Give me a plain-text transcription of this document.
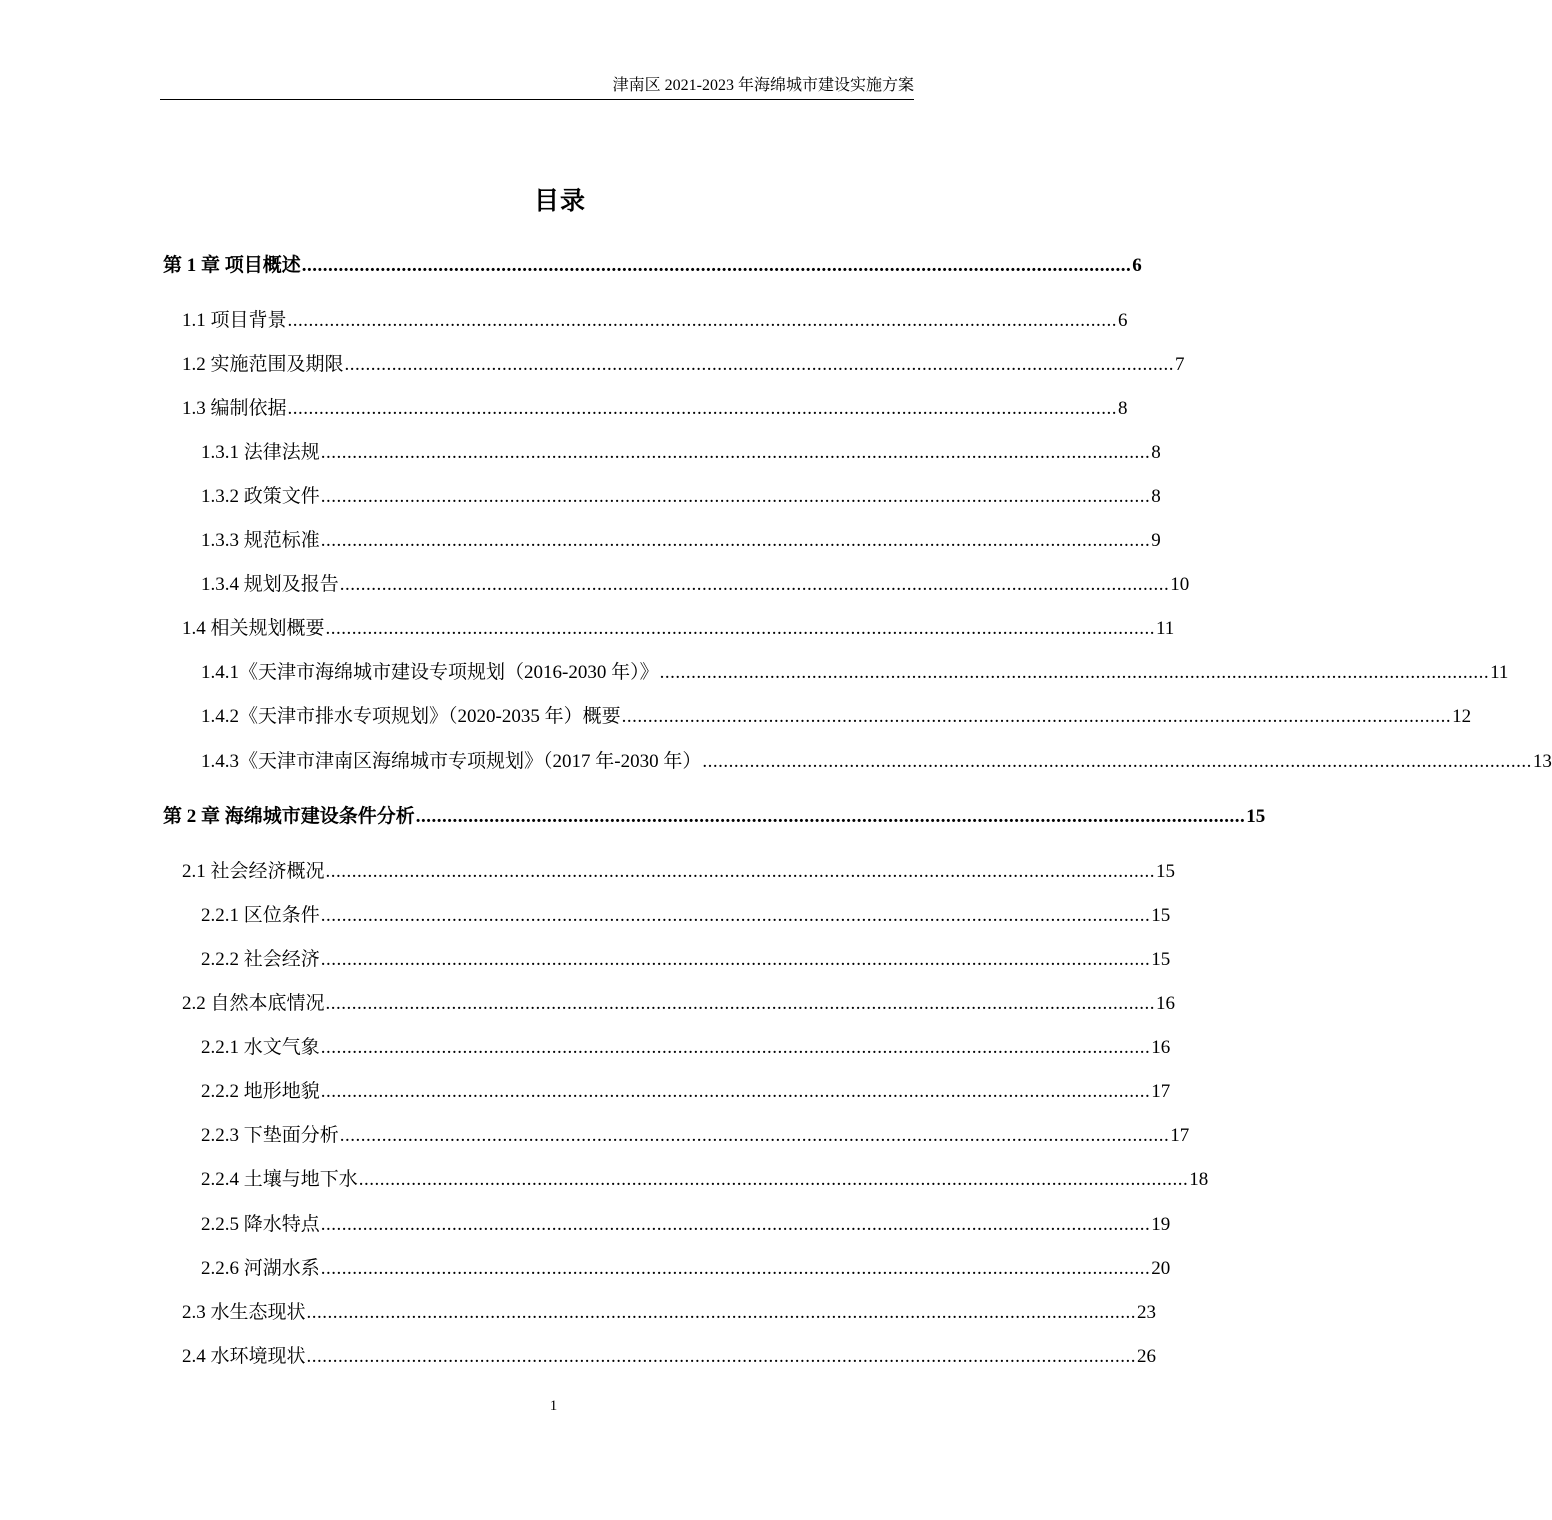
津南区 2021-2023 年海绵城市建设实施方案
目录
第 1 章 项目概述 .............................................................................................................................................................. 6
1.1 项目背景 .............................................................................................................................................................. 6
1.2 实施范围及期限 .............................................................................................................................................................. 7
1.3 编制依据 .............................................................................................................................................................. 8
1.3.1 法律法规 .............................................................................................................................................................. 8
1.3.2 政策文件 .............................................................................................................................................................. 8
1.3.3 规范标准 .............................................................................................................................................................. 9
1.3.4 规划及报告 .............................................................................................................................................................. 10
1.4 相关规划概要 .............................................................................................................................................................. 11
1.4.1《天津市海绵城市建设专项规划（2016-2030 年）》 .............................................................................................................................................................. 11
1.4.2《天津市排水专项规划》（2020-2035 年）概要 .............................................................................................................................................................. 12
1.4.3《天津市津南区海绵城市专项规划》（2017 年-2030 年） .............................................................................................................................................................. 13
第 2 章 海绵城市建设条件分析 .............................................................................................................................................................. 15
2.1 社会经济概况 .............................................................................................................................................................. 15
2.2.1 区位条件 .............................................................................................................................................................. 15
2.2.2 社会经济 .............................................................................................................................................................. 15
2.2 自然本底情况 .............................................................................................................................................................. 16
2.2.1 水文气象 .............................................................................................................................................................. 16
2.2.2 地形地貌 .............................................................................................................................................................. 17
2.2.3 下垫面分析 .............................................................................................................................................................. 17
2.2.4 土壤与地下水 .............................................................................................................................................................. 18
2.2.5 降水特点 .............................................................................................................................................................. 19
2.2.6 河湖水系 .............................................................................................................................................................. 20
2.3 水生态现状 .............................................................................................................................................................. 23
2.4 水环境现状 .............................................................................................................................................................. 26
1
